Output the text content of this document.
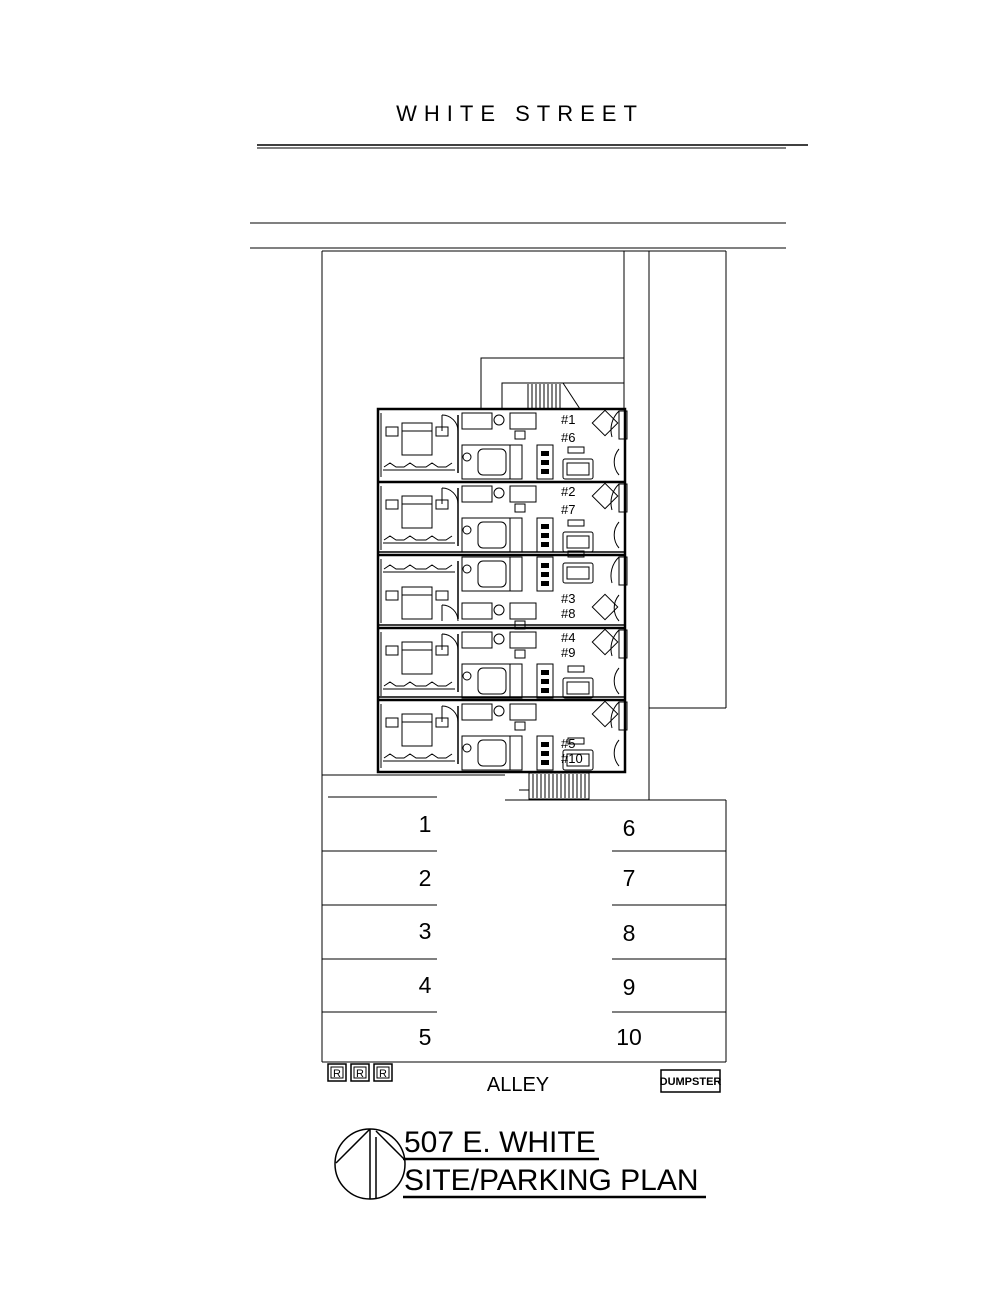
WHITE STREET
#1
#6
#2
#7
#3
#8
#4
#9
#5
#10
1
2
3
4
5
6
7
8
9
10
ALLEY
R R R
DUMPSTER
507 E. WHITE
SITE/PARKING PLAN
